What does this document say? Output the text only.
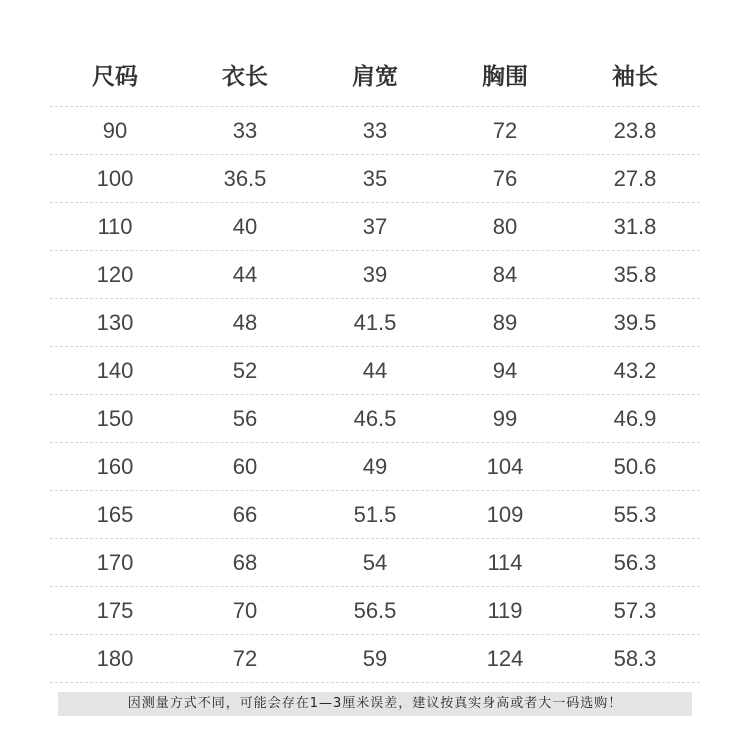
尺码	衣长	肩宽	胸围	袖长
90	33	33	72	23.8
100	36.5	35	76	27.8
110	40	37	80	31.8
120	44	39	84	35.8
130	48	41.5	89	39.5
140	52	44	94	43.2
150	56	46.5	99	46.9
160	60	49	104	50.6
165	66	51.5	109	55.3
170	68	54	114	56.3
175	70	56.5	119	57.3
180	72	59	124	58.3
因测量方式不同，可能会存在1—3厘米误差，建议按真实身高或者大一码选购！
